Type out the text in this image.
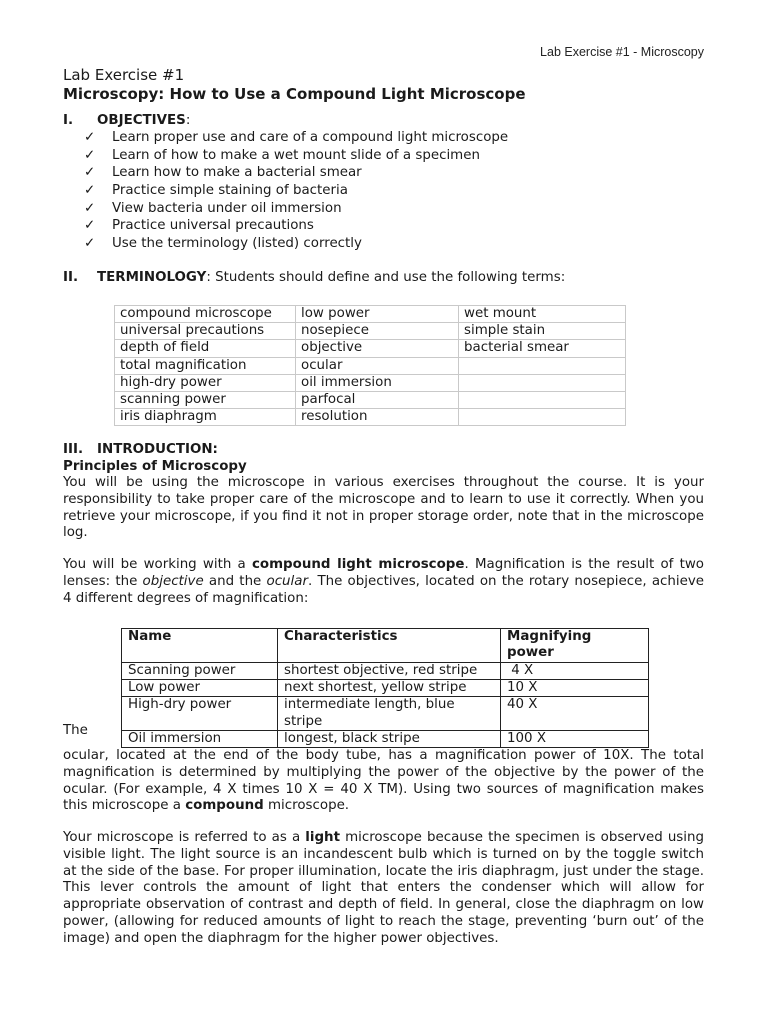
Lab Exercise #1 - Microscopy
Lab Exercise #1
Microscopy: How to Use a Compound Light Microscope
I. OBJECTIVES:
✓ Learn proper use and care of a compound light microscope
✓ Learn of how to make a wet mount slide of a specimen
✓ Learn how to make a bacterial smear
✓ Practice simple staining of bacteria
✓ View bacteria under oil immersion
✓ Practice universal precautions
✓ Use the terminology (listed) correctly
II. TERMINOLOGY: Students should define and use the following terms:
compound microscope	low power	wet mount
universal precautions	nosepiece	simple stain
depth of field	objective	bacterial smear
total magnification	ocular	
high-dry power	oil immersion	
scanning power	parfocal	
iris diaphragm	resolution	
III. INTRODUCTION:
Principles of Microscopy

You will be using the microscope in various exercises throughout the course. It is your responsibility to take proper care of the microscope and to learn to use it correctly. When you retrieve your microscope, if you find it not in proper storage order, note that in the microscope log.

You will be working with a compound light microscope. Magnification is the result of two lenses: the objective and the ocular. The objectives, located on the rotary nosepiece, achieve 4 different degrees of magnification:

Name	Characteristics	Magnifying power
Scanning power	shortest objective, red stripe	4 X
Low power	next shortest, yellow stripe	10 X
High-dry power	intermediate length, blue stripe	40 X
Oil immersion	longest, black stripe	100 X
The

ocular, located at the end of the body tube, has a magnification power of 10X. The total magnification is determined by multiplying the power of the objective by the power of the ocular. (For example, 4 X times 10 X = 40 X TM). Using two sources of magnification makes this microscope a compound microscope.

Your microscope is referred to as a light microscope because the specimen is observed using visible light. The light source is an incandescent bulb which is turned on by the toggle switch at the side of the base. For proper illumination, locate the iris diaphragm, just under the stage. This lever controls the amount of light that enters the condenser which will allow for appropriate observation of contrast and depth of field. In general, close the diaphragm on low power, (allowing for reduced amounts of light to reach the stage, preventing ‘burn out’ of the image) and open the diaphragm for the higher power objectives.
